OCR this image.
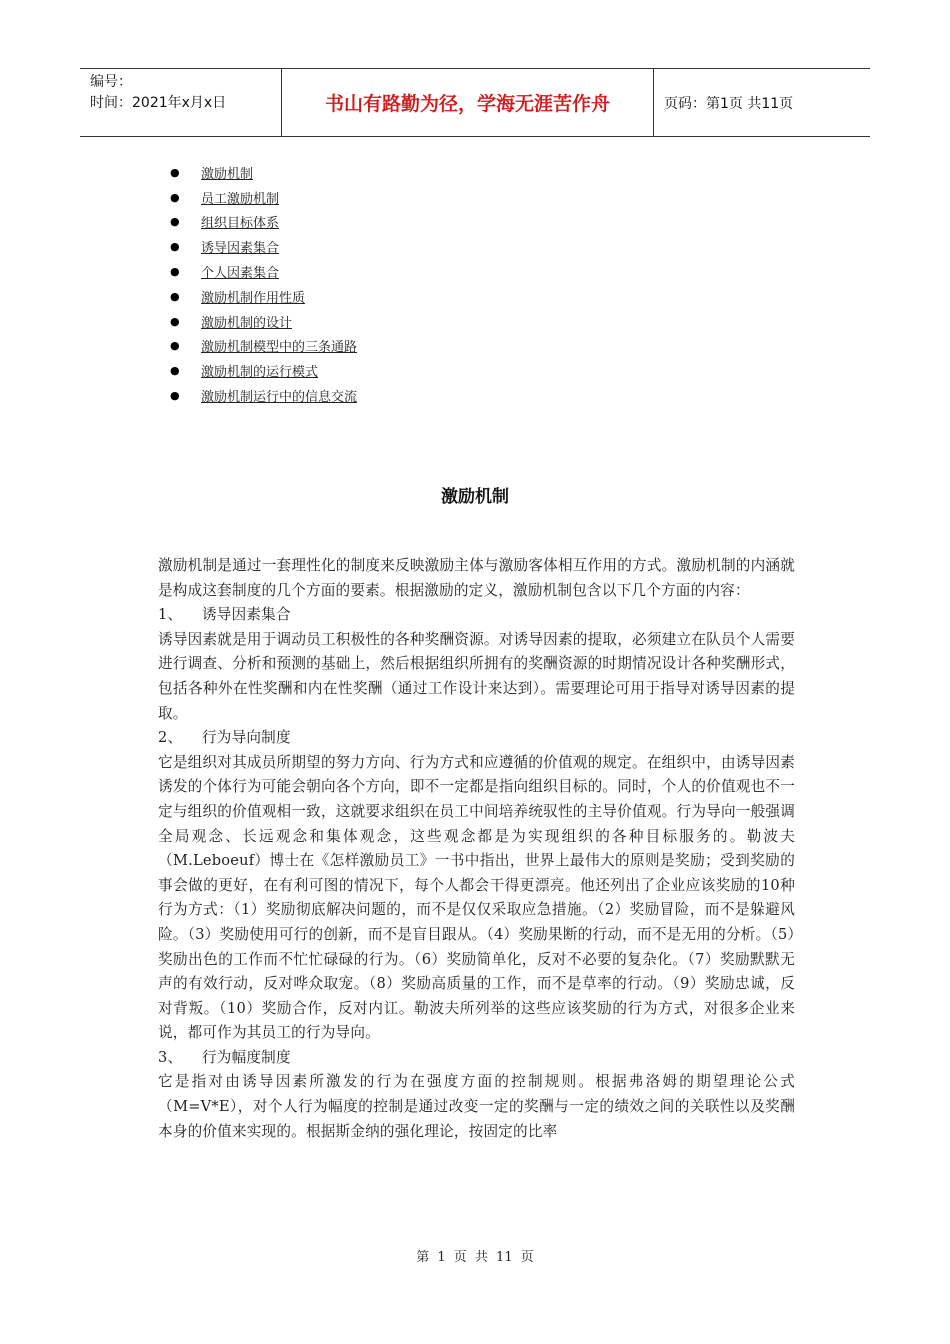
编号：
时间：2021年x月x日	书山有路勤为径，学海无涯苦作舟	页码：第1页 共11页
●	激励机制
●	员工激励机制
●	组织目标体系
●	诱导因素集合
●	个人因素集合
●	激励机制作用性质
●	激励机制的设计
●	激励机制模型中的三条通路
●	激励机制的运行模式
●	激励机制运行中的信息交流
激励机制

激励机制是通过一套理性化的制度来反映激励主体与激励客体相互作用的方式。激励机制的内涵就是构成这套制度的几个方面的要素。根据激励的定义，激励机制包含以下几个方面的内容：

1、	诱导因素集合

诱导因素就是用于调动员工积极性的各种奖酬资源。对诱导因素的提取，必须建立在队员个人需要进行调查、分析和预测的基础上，然后根据组织所拥有的奖酬资源的时期情况设计各种奖酬形式，包括各种外在性奖酬和内在性奖酬（通过工作设计来达到）。需要理论可用于指导对诱导因素的提取。

2、	行为导向制度

它是组织对其成员所期望的努力方向、行为方式和应遵循的价值观的规定。在组织中，由诱导因素诱发的个体行为可能会朝向各个方向，即不一定都是指向组织目标的。同时，个人的价值观也不一定与组织的价值观相一致，这就要求组织在员工中间培养统驭性的主导价值观。行为导向一般强调全局观念、长远观念和集体观念，这些观念都是为实现组织的各种目标服务的。勒波夫（M.Leboeuf）博士在《怎样激励员工》一书中指出，世界上最伟大的原则是奖励；受到奖励的事会做的更好，在有利可图的情况下，每个人都会干得更漂亮。他还列出了企业应该奖励的10种行为方式：（1）奖励彻底解决问题的，而不是仅仅采取应急措施。（2）奖励冒险，而不是躲避风险。（3）奖励使用可行的创新，而不是盲目跟从。（4）奖励果断的行动，而不是无用的分析。（5）奖励出色的工作而不忙忙碌碌的行为。（6）奖励简单化，反对不必要的复杂化。（7）奖励默默无声的有效行动，反对哗众取宠。（8）奖励高质量的工作，而不是草率的行动。（9）奖励忠诚，反对背叛。（10）奖励合作，反对内讧。勒波夫所列举的这些应该奖励的行为方式，对很多企业来说，都可作为其员工的行为导向。

3、	行为幅度制度

它是指对由诱导因素所激发的行为在强度方面的控制规则。根据弗洛姆的期望理论公式（M=V*E），对个人行为幅度的控制是通过改变一定的奖酬与一定的绩效之间的关联性以及奖酬本身的价值来实现的。根据斯金纳的强化理论，按固定的比率

第 1 页 共 11 页
